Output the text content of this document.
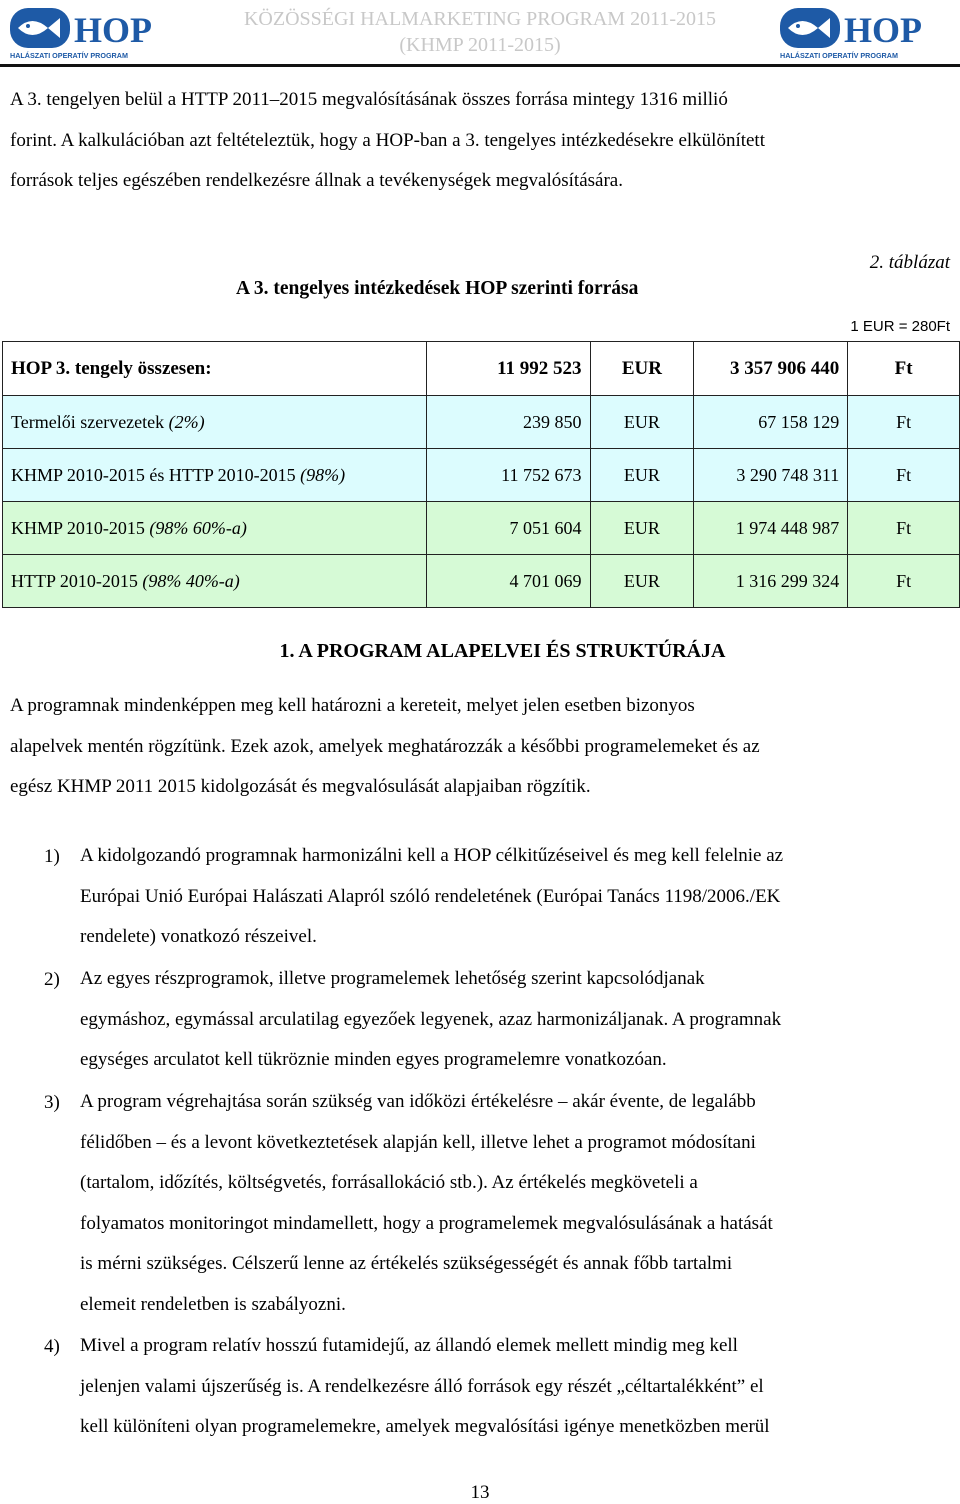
HOP
HALÁSZATI OPERATÍV PROGRAM
KÖZÖSSÉGI HALMARKETING PROGRAM 2011-2015
(KHMP 2011-2015)	HOP
HALÁSZATI OPERATÍV PROGRAM
A 3. tengelyen belül a HTTP 2011–2015 megvalósításának összes forrása mintegy 1316 millió
forint. A kalkulációban azt feltételeztük, hogy a HOP-ban a 3. tengelyes intézkedésekre elkülönített
források teljes egészében rendelkezésre állnak a tevékenységek megvalósítására.
2. táblázat
A 3. tengelyes intézkedések HOP szerinti forrása
1 EUR = 280Ft
HOP 3. tengely összesen:	11 992 523	EUR	3 357 906 440	Ft
Termelői szervezetek (2%)	239 850	EUR	67 158 129	Ft
KHMP 2010-2015 és HTTP 2010-2015 (98%)	11 752 673	EUR	3 290 748 311	Ft
KHMP 2010-2015 (98% 60%-a)	7 051 604	EUR	1 974 448 987	Ft
HTTP 2010-2015 (98% 40%-a)	4 701 069	EUR	1 316 299 324	Ft
1. A PROGRAM ALAPELVEI ÉS STRUKTÚRÁJA
A programnak mindenképpen meg kell határozni a kereteit, melyet jelen esetben bizonyos
alapelvek mentén rögzítünk. Ezek azok, amelyek meghatározzák a későbbi programelemeket és az
egész KHMP 2011 2015 kidolgozását és megvalósulását alapjaiban rögzítik.
1) A kidolgozandó programnak harmonizálni kell a HOP célkitűzéseivel és meg kell felelnie az
Európai Unió Európai Halászati Alapról szóló rendeletének (Európai Tanács 1198/2006./EK
rendelete) vonatkozó részeivel.
2) Az egyes részprogramok, illetve programelemek lehetőség szerint kapcsolódjanak
egymáshoz, egymással arculatilag egyezőek legyenek, azaz harmonizáljanak. A programnak
egységes arculatot kell tükröznie minden egyes programelemre vonatkozóan.
3) A program végrehajtása során szükség van időközi értékelésre – akár évente, de legalább
félidőben – és a levont következtetések alapján kell, illetve lehet a programot módosítani
(tartalom, időzítés, költségvetés, forrásallokáció stb.). Az értékelés megköveteli a
folyamatos monitoringot mindamellett, hogy a programelemek megvalósulásának a hatását
is mérni szükséges. Célszerű lenne az értékelés szükségességét és annak főbb tartalmi
elemeit rendeletben is szabályozni.
4) Mivel a program relatív hosszú futamidejű, az állandó elemek mellett mindig meg kell
jelenjen valami újszerűség is. A rendelkezésre álló források egy részét „céltartalékként” el
kell különíteni olyan programelemekre, amelyek megvalósítási igénye menetközben merül
13
